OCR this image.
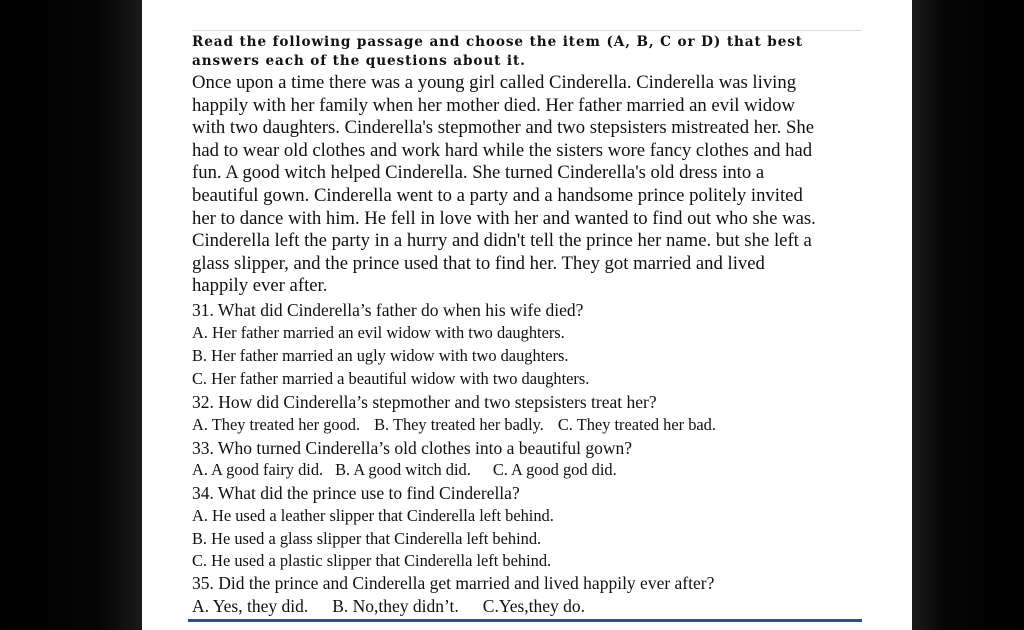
Read the following passage and choose the item (A, B, C or D) that best
answers each of the questions about it.

Once upon a time there was a young girl called Cinderella. Cinderella was living
happily with her family when her mother died. Her father married an evil widow
with two daughters. Cinderella's stepmother and two stepsisters mistreated her. She
had to wear old clothes and work hard while the sisters wore fancy clothes and had
fun. A good witch helped Cinderella. She turned Cinderella's old dress into a
beautiful gown. Cinderella went to a party and a handsome prince politely invited
her to dance with him. He fell in love with her and wanted to find out who she was.
Cinderella left the party in a hurry and didn't tell the prince her name. but she left a
glass slipper, and the prince used that to find her. They got married and lived
happily ever after.

31. What did Cinderella’s father do when his wife died?

A. Her father married an evil widow with two daughters.

B. Her father married an ugly widow with two daughters.

C. Her father married a beautiful widow with two daughters.

32. How did Cinderella’s stepmother and two stepsisters treat her?

A. They treated her good. B. They treated her badly. C. They treated her bad.

33. Who turned Cinderella’s old clothes into a beautiful gown?

A. A good fairy did. B. A good witch did. C. A good god did.

34. What did the prince use to find Cinderella?

A. He used a leather slipper that Cinderella left behind.

B. He used a glass slipper that Cinderella left behind.

C. He used a plastic slipper that Cinderella left behind.

35. Did the prince and Cinderella get married and lived happily ever after?

A. Yes, they did. B. No,they didn’t. C.Yes,they do.
